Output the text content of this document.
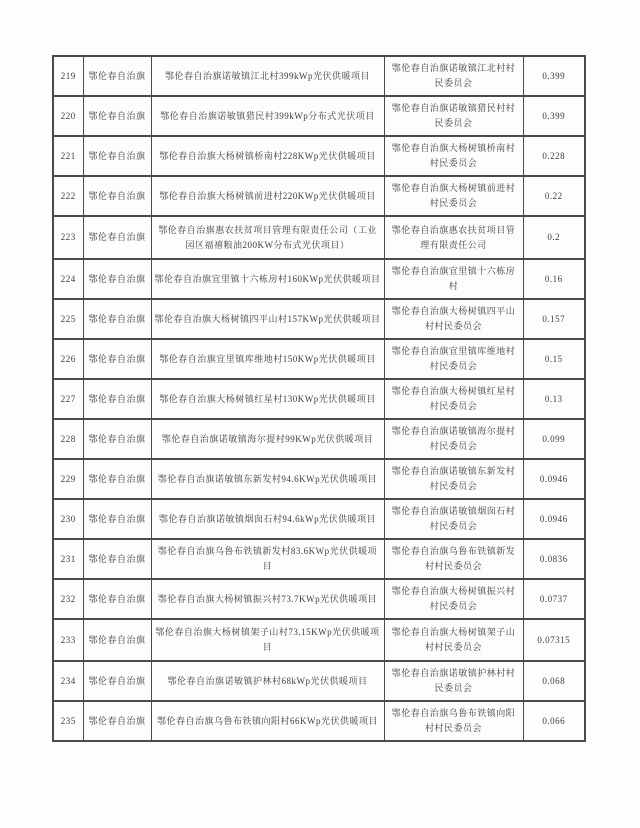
219	鄂伦春自治旗	鄂伦春自治旗诺敏镇江北村399kWp光伏供暖项目	鄂伦春自治旗诺敏镇江北村村民委员会	0.399
220	鄂伦春自治旗	鄂伦春自治旗诺敏镇猎民村399kWp分布式光伏项目	鄂伦春自治旗诺敏镇猎民村村民委员会	0.399
221	鄂伦春自治旗	鄂伦春自治旗大杨树镇桥南村228KWp光伏供暖项目	鄂伦春自治旗大杨树镇桥南村村民委员会	0.228
222	鄂伦春自治旗	鄂伦春自治旗大杨树镇前进村220KWp光伏供暖项目	鄂伦春自治旗大杨树镇前进村村民委员会	0.22
223	鄂伦春自治旗	鄂伦春自治旗惠农扶贫项目管理有限责任公司（工业园区福禧粮油200KW分布式光伏项目）	鄂伦春自治旗惠农扶贫项目管理有限责任公司	0.2
224	鄂伦春自治旗	鄂伦春自治旗宜里镇十六栋房村160KWp光伏供暖项目	鄂伦春自治旗宜里镇十六栋房村	0.16
225	鄂伦春自治旗	鄂伦春自治旗大杨树镇四平山村157KWp光伏供暖项目	鄂伦春自治旗大杨树镇四平山村村民委员会	0.157
226	鄂伦春自治旗	鄂伦春自治旗宜里镇库维地村150KWp光伏供暖项目	鄂伦春自治旗宜里镇库维地村村民委员会	0.15
227	鄂伦春自治旗	鄂伦春自治旗大杨树镇红星村130KWp光伏供暖项目	鄂伦春自治旗大杨树镇红星村村民委员会	0.13
228	鄂伦春自治旗	鄂伦春自治旗诺敏镇海尔提村99KWp光伏供暖项目	鄂伦春自治旗诺敏镇海尔提村村民委员会	0.099
229	鄂伦春自治旗	鄂伦春自治旗诺敏镇东新发村94.6KWp光伏供暖项目	鄂伦春自治旗诺敏镇东新发村村民委员会	0.0946
230	鄂伦春自治旗	鄂伦春自治旗诺敏镇烟囱石村94.6kWp光伏供暖项目	鄂伦春自治旗诺敏镇烟囱石村村民委员会	0.0946
231	鄂伦春自治旗	鄂伦春自治旗乌鲁布铁镇新发村83.6KWp光伏供暖项目	鄂伦春自治旗乌鲁布铁镇新发村村民委员会	0.0836
232	鄂伦春自治旗	鄂伦春自治旗大杨树镇振兴村73.7KWp光伏供暖项目	鄂伦春自治旗大杨树镇振兴村村民委员会	0.0737
233	鄂伦春自治旗	鄂伦春自治旗大杨树镇架子山村73.15KWp光伏供暖项目	鄂伦春自治旗大杨树镇架子山村村民委员会	0.07315
234	鄂伦春自治旗	鄂伦春自治旗诺敏镇护林村68kWp光伏供暖项目	鄂伦春自治旗诺敏镇护林村村民委员会	0.068
235	鄂伦春自治旗	鄂伦春自治旗乌鲁布铁镇向阳村66KWp光伏供暖项目	鄂伦春自治旗乌鲁布铁镇向阳村村民委员会	0.066
